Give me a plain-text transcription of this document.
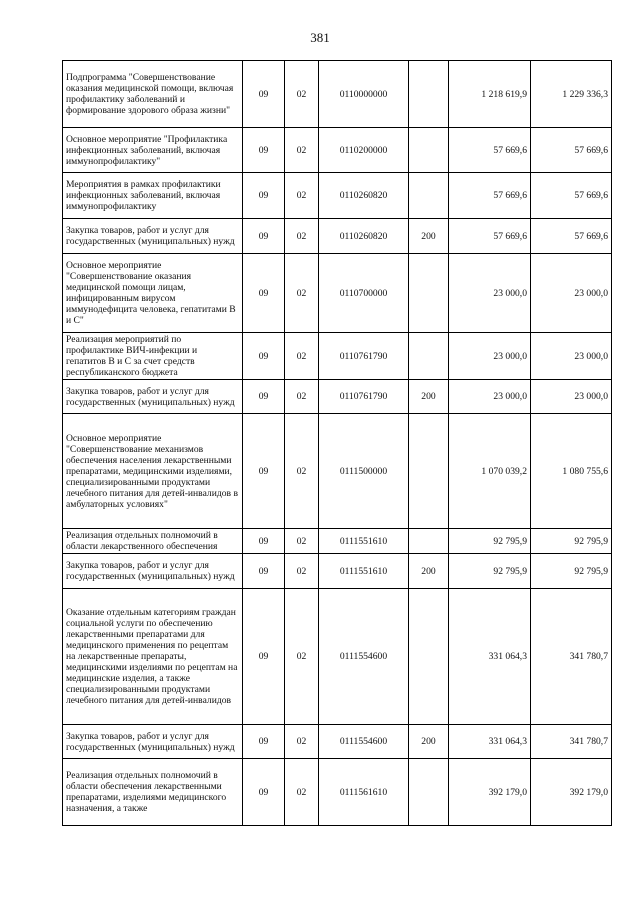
381
Подпрограмма "Совершенствование оказания медицинской помощи, включая профилактику заболеваний и формирование здорового образа жизни"	09	02	0110000000		1 218 619,9	1 229 336,3
Основное мероприятие "Профилактика инфекционных заболеваний, включая иммунопрофилактику"	09	02	0110200000		57 669,6	57 669,6
Мероприятия в рамках профилактики инфекционных заболеваний, включая иммунопрофилактику	09	02	0110260820		57 669,6	57 669,6
Закупка товаров, работ и услуг для государственных (муниципальных) нужд	09	02	0110260820	200	57 669,6	57 669,6
Основное мероприятие "Совершенствование оказания медицинской помощи лицам, инфицированным вирусом иммунодефицита человека, гепатитами В и С"	09	02	0110700000		23 000,0	23 000,0
Реализация мероприятий по профилактике ВИЧ-инфекции и гепатитов В и С за счет средств республиканского бюджета	09	02	0110761790		23 000,0	23 000,0
Закупка товаров, работ и услуг для государственных (муниципальных) нужд	09	02	0110761790	200	23 000,0	23 000,0
Основное мероприятие "Совершенствование механизмов обеспечения населения лекарственными препаратами, медицинскими изделиями, специализированными продуктами лечебного питания для детей-инвалидов в амбулаторных условиях"	09	02	0111500000		1 070 039,2	1 080 755,6
Реализация отдельных полномочий в области лекарственного обеспечения	09	02	0111551610		92 795,9	92 795,9
Закупка товаров, работ и услуг для государственных (муниципальных) нужд	09	02	0111551610	200	92 795,9	92 795,9
Оказание отдельным категориям граждан социальной услуги по обеспечению лекарственными препаратами для медицинского применения по рецептам на лекарственные препараты, медицинскими изделиями по рецептам на медицинские изделия, а также специализированными продуктами лечебного питания для детей-инвалидов	09	02	0111554600		331 064,3	341 780,7
Закупка товаров, работ и услуг для государственных (муниципальных) нужд	09	02	0111554600	200	331 064,3	341 780,7
Реализация отдельных полномочий в области обеспечения лекарственными препаратами, изделиями медицинского назначения, а также	09	02	0111561610		392 179,0	392 179,0
